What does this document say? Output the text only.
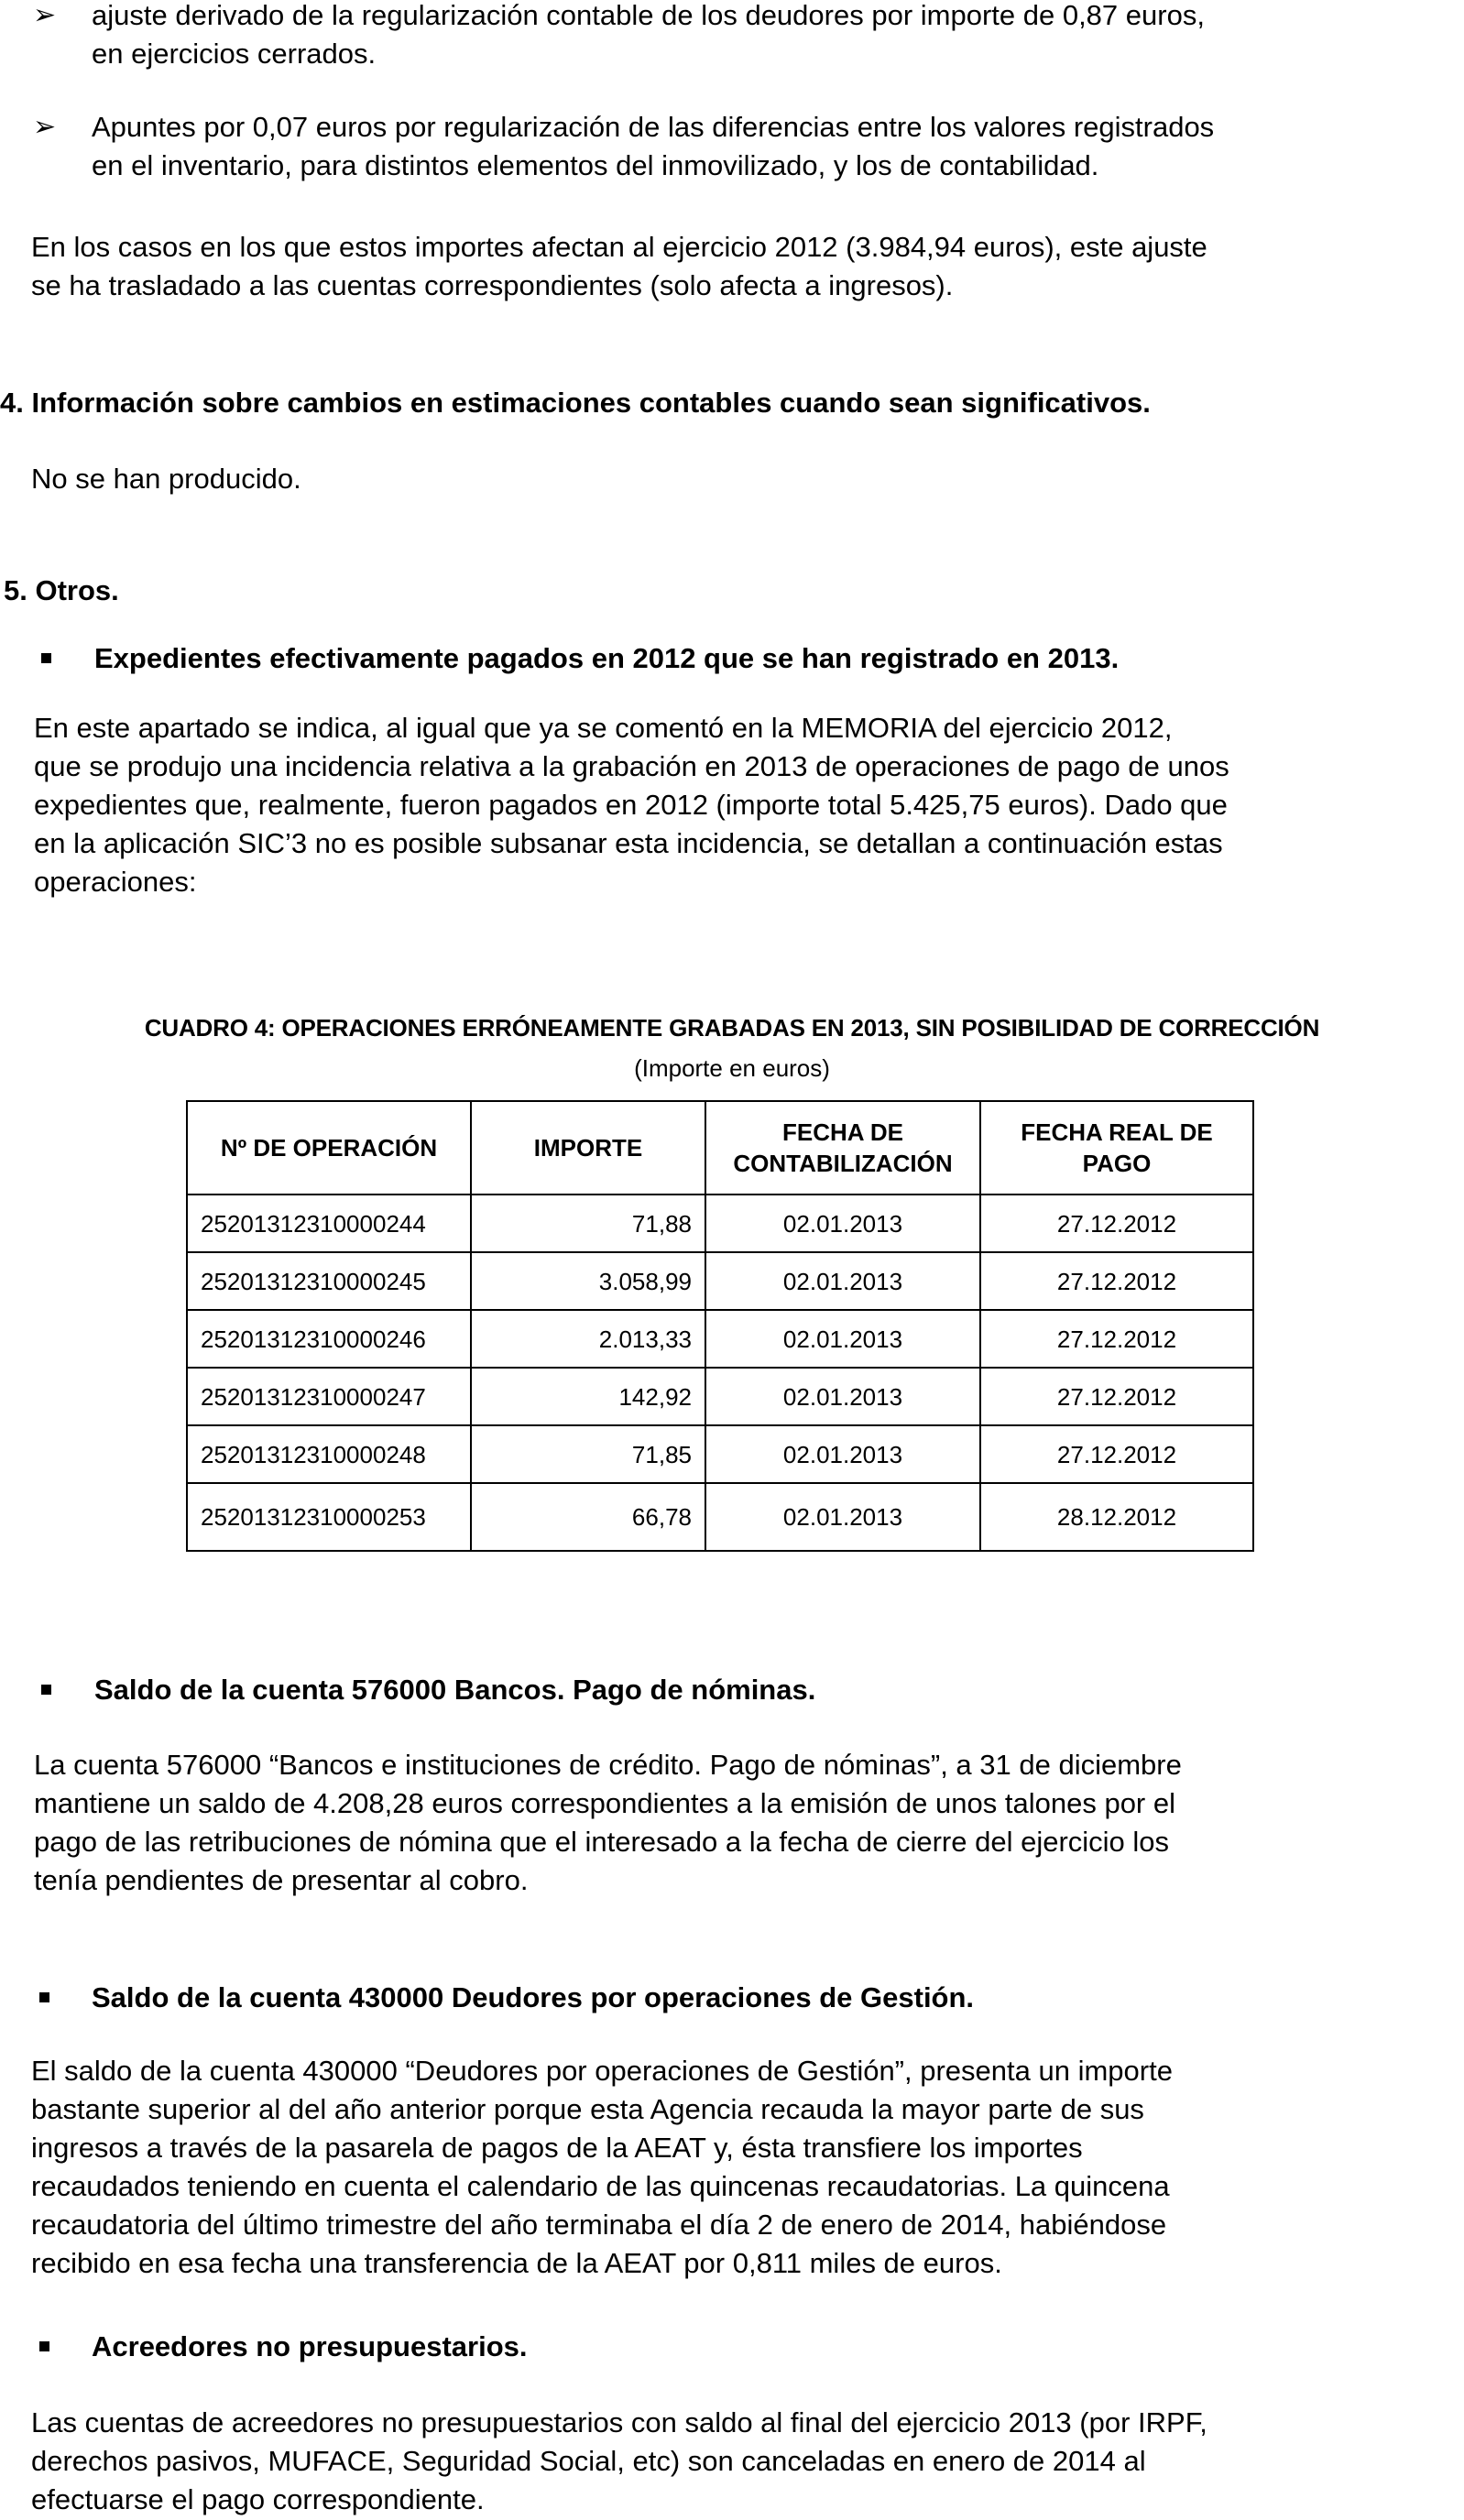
➢ ajuste derivado de la regularización contable de los deudores por importe de 0,87 euros,
en ejercicios cerrados.
➢ Apuntes por 0,07 euros por regularización de las diferencias entre los valores registrados
en el inventario, para distintos elementos del inmovilizado, y los de contabilidad.
En los casos en los que estos importes afectan al ejercicio 2012 (3.984,94 euros), este ajuste
se ha trasladado a las cuentas correspondientes (solo afecta a ingresos).
4. Información sobre cambios en estimaciones contables cuando sean significativos.
No se han producido.
5. Otros.
Expedientes efectivamente pagados en 2012 que se han registrado en 2013.
En este apartado se indica, al igual que ya se comentó en la MEMORIA del ejercicio 2012,
que se produjo una incidencia relativa a la grabación en 2013 de operaciones de pago de unos
expedientes que, realmente, fueron pagados en 2012 (importe total 5.425,75 euros). Dado que
en la aplicación SIC’3 no es posible subsanar esta incidencia, se detallan a continuación estas
operaciones:
CUADRO 4: OPERACIONES ERRÓNEAMENTE GRABADAS EN 2013, SIN POSIBILIDAD DE CORRECCIÓN
(Importe en euros)
Nº DE OPERACIÓN	IMPORTE	FECHA DE CONTABILIZACIÓN	FECHA REAL DE PAGO
25201312310000244	71,88	02.01.2013	27.12.2012
25201312310000245	3.058,99	02.01.2013	27.12.2012
25201312310000246	2.013,33	02.01.2013	27.12.2012
25201312310000247	142,92	02.01.2013	27.12.2012
25201312310000248	71,85	02.01.2013	27.12.2012
25201312310000253	66,78	02.01.2013	28.12.2012
Saldo de la cuenta 576000 Bancos. Pago de nóminas.
La cuenta 576000 “Bancos e instituciones de crédito. Pago de nóminas”, a 31 de diciembre
mantiene un saldo de 4.208,28 euros correspondientes a la emisión de unos talones por el
pago de las retribuciones de nómina que el interesado a la fecha de cierre del ejercicio los
tenía pendientes de presentar al cobro.
Saldo de la cuenta 430000 Deudores por operaciones de Gestión.
El saldo de la cuenta 430000 “Deudores por operaciones de Gestión”, presenta un importe
bastante superior al del año anterior porque esta Agencia recauda la mayor parte de sus
ingresos a través de la pasarela de pagos de la AEAT y, ésta transfiere los importes
recaudados teniendo en cuenta el calendario de las quincenas recaudatorias. La quincena
recaudatoria del último trimestre del año terminaba el día 2 de enero de 2014, habiéndose
recibido en esa fecha una transferencia de la AEAT por 0,811 miles de euros.
Acreedores no presupuestarios.
Las cuentas de acreedores no presupuestarios con saldo al final del ejercicio 2013 (por IRPF,
derechos pasivos, MUFACE, Seguridad Social, etc) son canceladas en enero de 2014 al
efectuarse el pago correspondiente.
